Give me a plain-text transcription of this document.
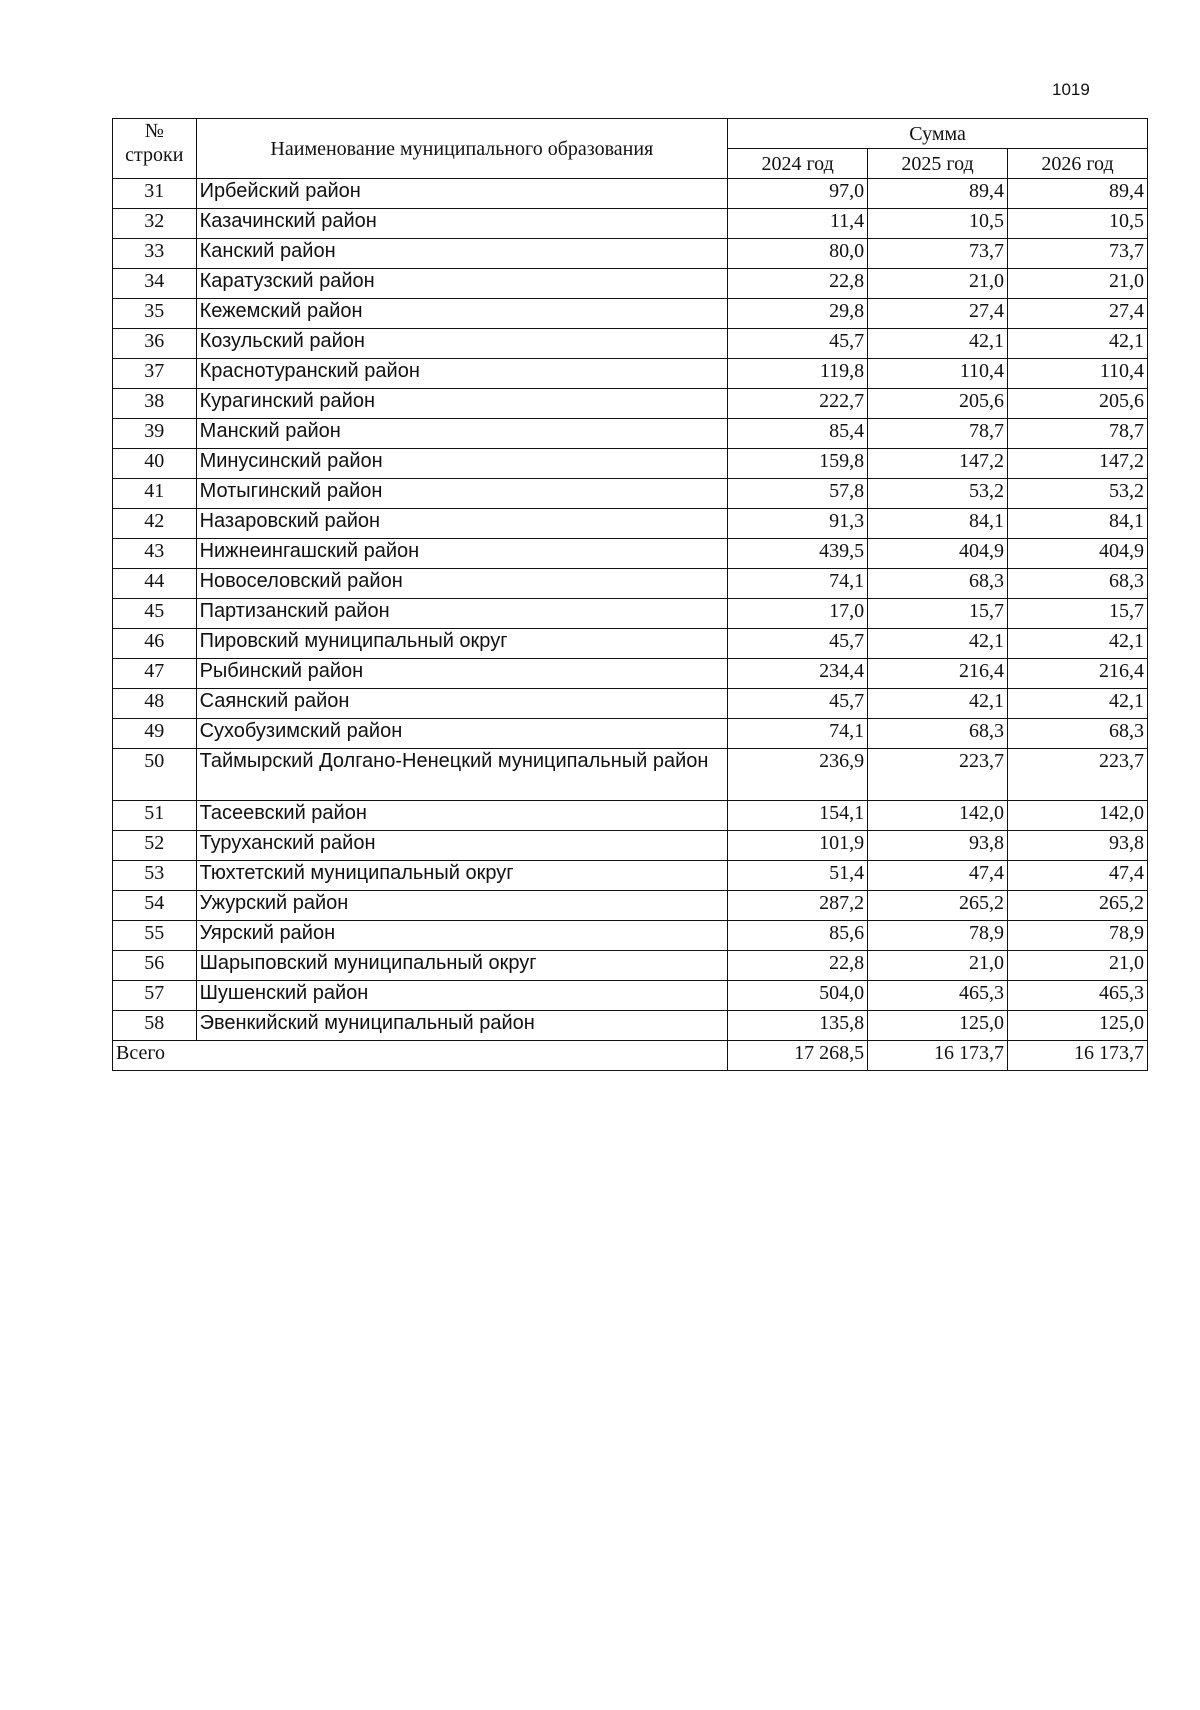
1019
№
строки	Наименование муниципального образования	Сумма		
		2024 год	2025 год	2026 год
31	Ирбейский район	97,0	89,4	89,4
32	Казачинский район	11,4	10,5	10,5
33	Канский район	80,0	73,7	73,7
34	Каратузский район	22,8	21,0	21,0
35	Кежемский район	29,8	27,4	27,4
36	Козульский район	45,7	42,1	42,1
37	Краснотуранский район	119,8	110,4	110,4
38	Курагинский район	222,7	205,6	205,6
39	Манский район	85,4	78,7	78,7
40	Минусинский район	159,8	147,2	147,2
41	Мотыгинский район	57,8	53,2	53,2
42	Назаровский район	91,3	84,1	84,1
43	Нижнеингашский район	439,5	404,9	404,9
44	Новоселовский район	74,1	68,3	68,3
45	Партизанский район	17,0	15,7	15,7
46	Пировский муниципальный округ	45,7	42,1	42,1
47	Рыбинский район	234,4	216,4	216,4
48	Саянский район	45,7	42,1	42,1
49	Сухобузимский район	74,1	68,3	68,3
50	Таймырский Долгано-Ненецкий муниципальный район	236,9	223,7	223,7
51	Тасеевский район	154,1	142,0	142,0
52	Туруханский район	101,9	93,8	93,8
53	Тюхтетский муниципальный округ	51,4	47,4	47,4
54	Ужурский район	287,2	265,2	265,2
55	Уярский район	85,6	78,9	78,9
56	Шарыповский муниципальный округ	22,8	21,0	21,0
57	Шушенский район	504,0	465,3	465,3
58	Эвенкийский муниципальный район	135,8	125,0	125,0
Всего		17 268,5	16 173,7	16 173,7
